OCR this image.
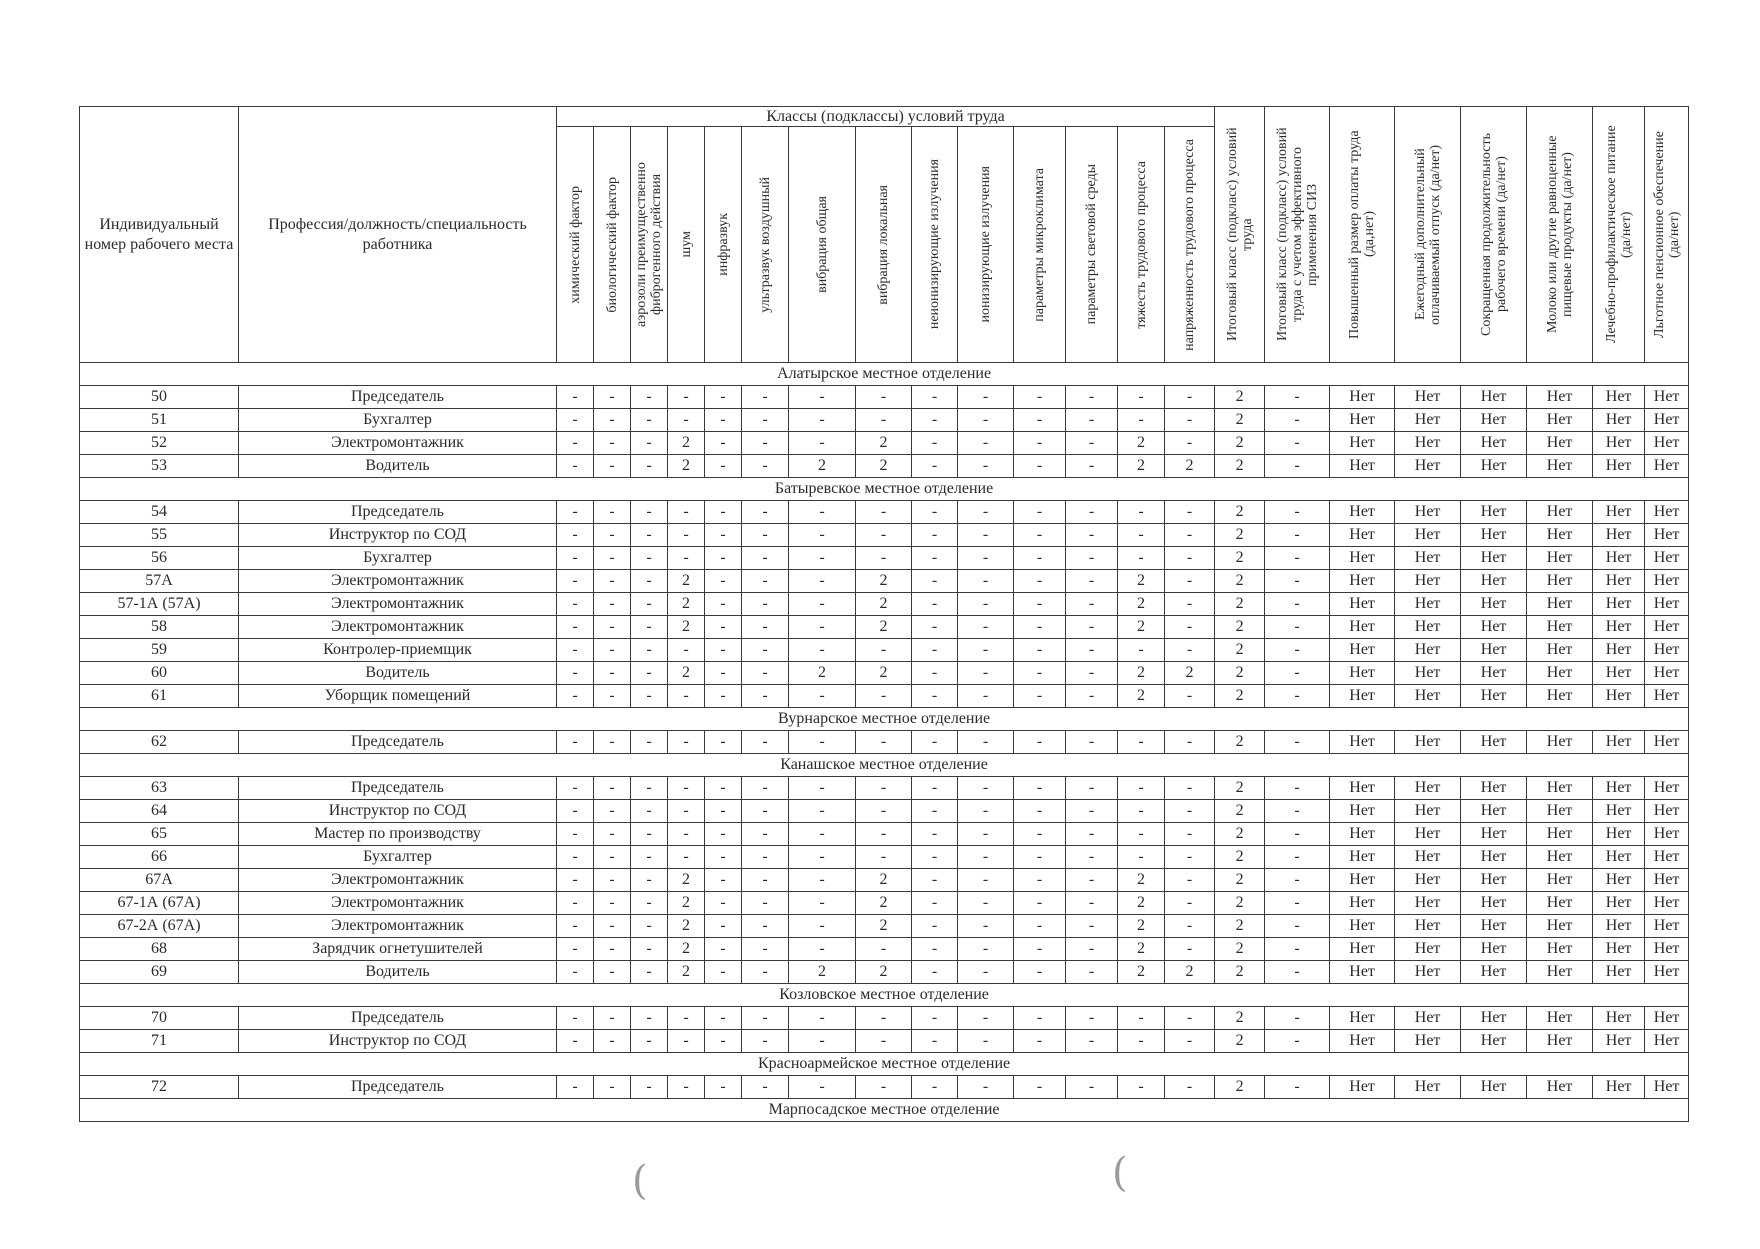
Индивидуальный номер рабочего места	Профессия/должность/специальность работника	Классы (подклассы) условий труда														Итоговый класс (подкласс) условий труда	Итоговый класс (подкласс) условий труда с учетом эффективного применения СИЗ	Повышенный размер оплаты труда (да,нет)	Ежегодный дополнительный оплачиваемый отпуск (да/нет)	Сокращенная продолжительность рабочего времени (да/нет)	Молоко или другие равноценные пищевые продукты (да/нет)	Лечебно-профилактическое питание (да/нет)	Льготное пенсионное обеспечение (да/нет)

		химический фактор	биологический фактор	аэрозоли преимущественно фиброгенного действия	шум	инфразвук	ультразвук воздушный	вибрация общая	вибрация локальная	неионизирующие излучения	ионизирующие излучения	параметры микроклимата	параметры световой среды	тяжесть трудового процесса	напряженность трудового процесса								

Алатырское местное отделение																							
50	Председатель	-	-	-	-	-	-	-	-	-	-	-	-	-	-	2	-	Нет	Нет	Нет	Нет	Нет	Нет
51	Бухгалтер	-	-	-	-	-	-	-	-	-	-	-	-	-	-	2	-	Нет	Нет	Нет	Нет	Нет	Нет
52	Электромонтажник	-	-	-	2	-	-	-	2	-	-	-	-	2	-	2	-	Нет	Нет	Нет	Нет	Нет	Нет
53	Водитель	-	-	-	2	-	-	2	2	-	-	-	-	2	2	2	-	Нет	Нет	Нет	Нет	Нет	Нет
Батыревское местное отделение																							
54	Председатель	-	-	-	-	-	-	-	-	-	-	-	-	-	-	2	-	Нет	Нет	Нет	Нет	Нет	Нет
55	Инструктор по СОД	-	-	-	-	-	-	-	-	-	-	-	-	-	-	2	-	Нет	Нет	Нет	Нет	Нет	Нет
56	Бухгалтер	-	-	-	-	-	-	-	-	-	-	-	-	-	-	2	-	Нет	Нет	Нет	Нет	Нет	Нет
57А	Электромонтажник	-	-	-	2	-	-	-	2	-	-	-	-	2	-	2	-	Нет	Нет	Нет	Нет	Нет	Нет
57-1А (57А)	Электромонтажник	-	-	-	2	-	-	-	2	-	-	-	-	2	-	2	-	Нет	Нет	Нет	Нет	Нет	Нет
58	Электромонтажник	-	-	-	2	-	-	-	2	-	-	-	-	2	-	2	-	Нет	Нет	Нет	Нет	Нет	Нет
59	Контролер-приемщик	-	-	-	-	-	-	-	-	-	-	-	-	-	-	2	-	Нет	Нет	Нет	Нет	Нет	Нет
60	Водитель	-	-	-	2	-	-	2	2	-	-	-	-	2	2	2	-	Нет	Нет	Нет	Нет	Нет	Нет
61	Уборщик помещений	-	-	-	-	-	-	-	-	-	-	-	-	2	-	2	-	Нет	Нет	Нет	Нет	Нет	Нет
Вурнарское местное отделение																							
62	Председатель	-	-	-	-	-	-	-	-	-	-	-	-	-	-	2	-	Нет	Нет	Нет	Нет	Нет	Нет
Канашское местное отделение																							
63	Председатель	-	-	-	-	-	-	-	-	-	-	-	-	-	-	2	-	Нет	Нет	Нет	Нет	Нет	Нет
64	Инструктор по СОД	-	-	-	-	-	-	-	-	-	-	-	-	-	-	2	-	Нет	Нет	Нет	Нет	Нет	Нет
65	Мастер по производству	-	-	-	-	-	-	-	-	-	-	-	-	-	-	2	-	Нет	Нет	Нет	Нет	Нет	Нет
66	Бухгалтер	-	-	-	-	-	-	-	-	-	-	-	-	-	-	2	-	Нет	Нет	Нет	Нет	Нет	Нет
67А	Электромонтажник	-	-	-	2	-	-	-	2	-	-	-	-	2	-	2	-	Нет	Нет	Нет	Нет	Нет	Нет
67-1А (67А)	Электромонтажник	-	-	-	2	-	-	-	2	-	-	-	-	2	-	2	-	Нет	Нет	Нет	Нет	Нет	Нет
67-2А (67А)	Электромонтажник	-	-	-	2	-	-	-	2	-	-	-	-	2	-	2	-	Нет	Нет	Нет	Нет	Нет	Нет
68	Зарядчик огнетушителей	-	-	-	2	-	-	-	-	-	-	-	-	2	-	2	-	Нет	Нет	Нет	Нет	Нет	Нет
69	Водитель	-	-	-	2	-	-	2	2	-	-	-	-	2	2	2	-	Нет	Нет	Нет	Нет	Нет	Нет
Козловское местное отделение																							
70	Председатель	-	-	-	-	-	-	-	-	-	-	-	-	-	-	2	-	Нет	Нет	Нет	Нет	Нет	Нет
71	Инструктор по СОД	-	-	-	-	-	-	-	-	-	-	-	-	-	-	2	-	Нет	Нет	Нет	Нет	Нет	Нет
Красноармейское местное отделение																							
72	Председатель	-	-	-	-	-	-	-	-	-	-	-	-	-	-	2	-	Нет	Нет	Нет	Нет	Нет	Нет
Марпосадское местное отделение																							
(	(
